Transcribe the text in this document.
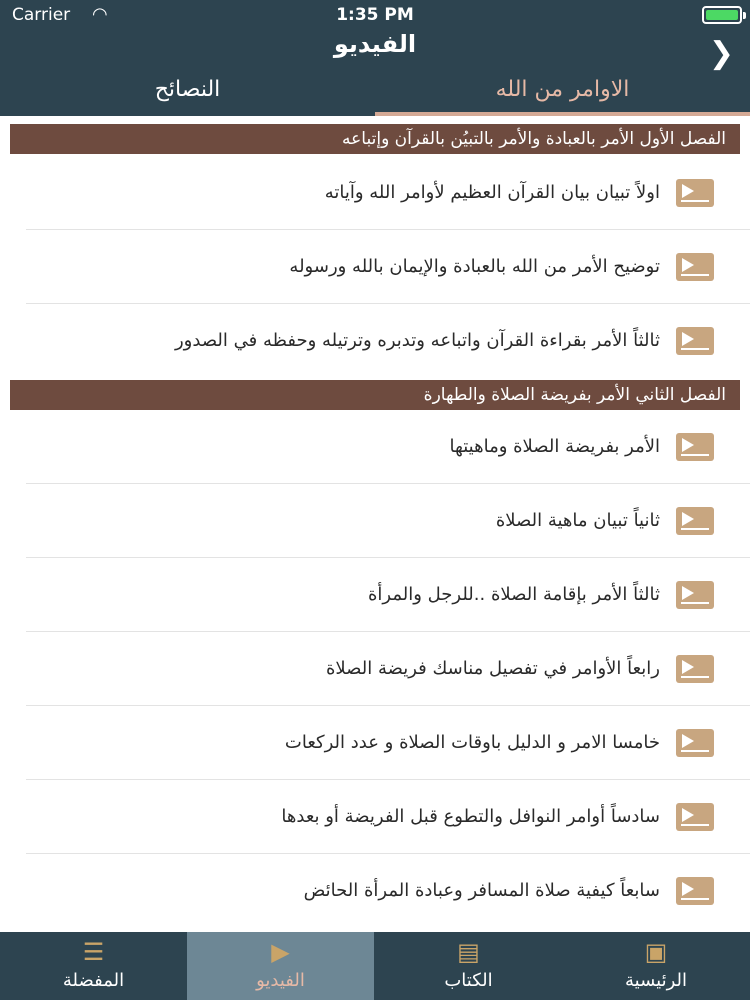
Carrier ◠	1:35 PM
الفيديو	❯
الاوامر من الله
النصائح
الفصل الأول الأمر بالعبادة والأمر بالتبيُن بالقرآن وإتباعه
اولاً تبيان بيان القرآن العظيم لأوامر الله وآياته
توضيح الأمر من الله بالعبادة والإيمان بالله ورسوله
ثالثاً الأمر بقراءة القرآن واتباعه وتدبره وترتيله وحفظه في الصدور
الفصل الثاني الأمر بفريضة الصلاة والطهارة
الأمر بفريضة الصلاة وماهيتها
ثانياً تبيان ماهية الصلاة
ثالثاً الأمر بإقامة الصلاة ..للرجل والمرأة
رابعاً الأوامر في تفصيل مناسك فريضة الصلاة
خامسا الامر و الدليل باوقات الصلاة و عدد الركعات
سادساً أوامر النوافل والتطوع قبل الفريضة أو بعدها
سابعاً كيفية صلاة المسافر وعبادة المرأة الحائض
☰
المفضلة
▶
الفيديو
▤
الكتاب
▣
الرئيسية
